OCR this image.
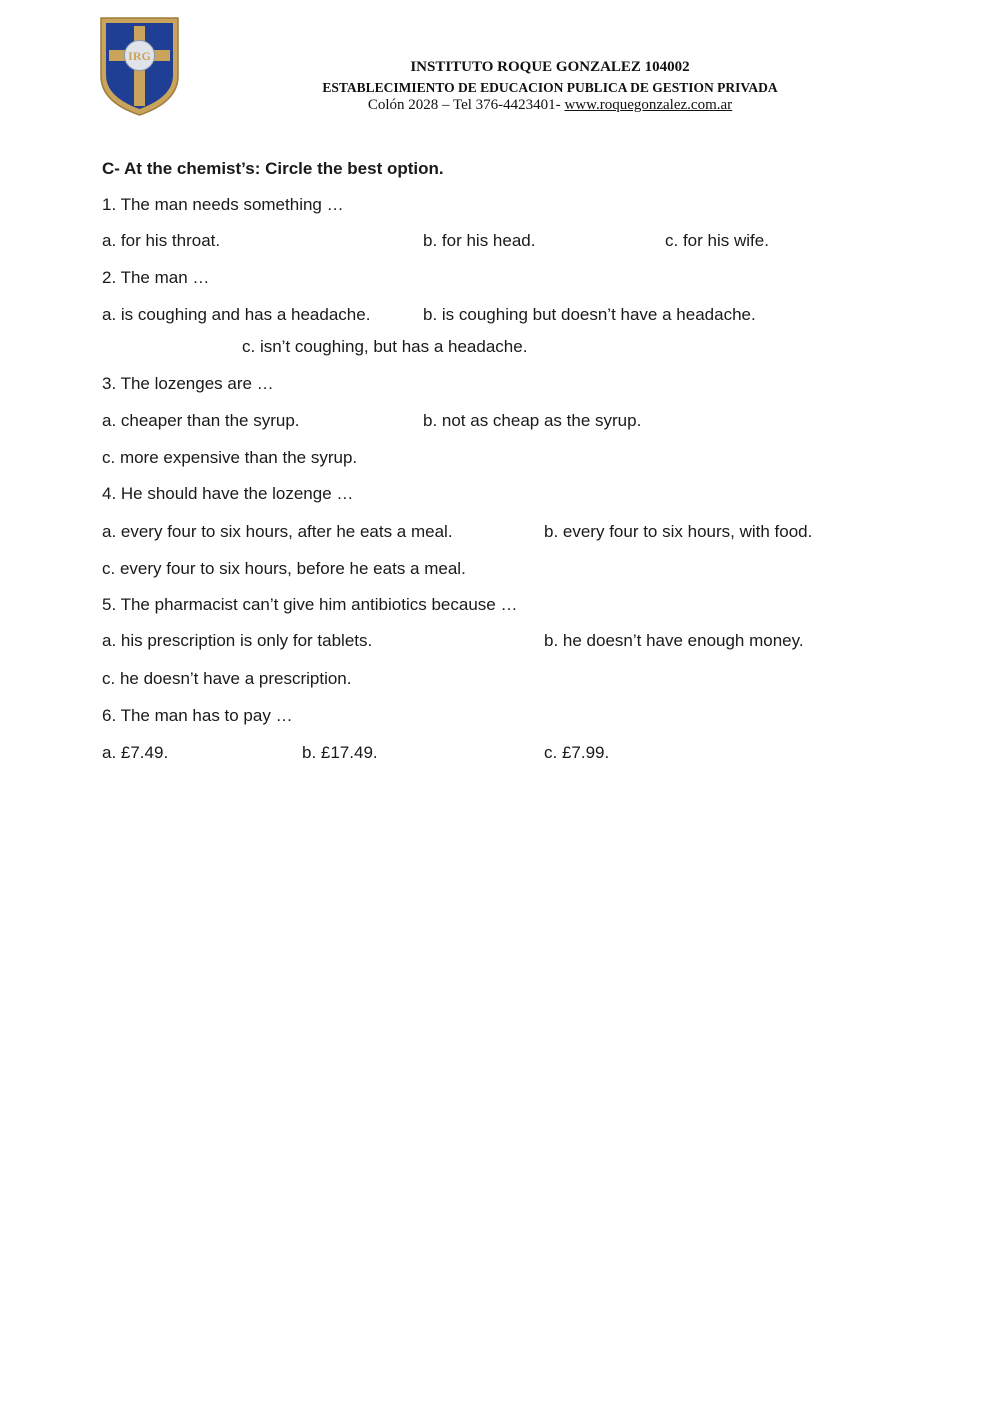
IRG
INSTITUTO ROQUE GONZALEZ 104002
ESTABLECIMIENTO DE EDUCACION PUBLICA DE GESTION PRIVADA
Colón 2028 – Tel 376-4423401- www.roquegonzalez.com.ar
C- At the chemist’s: Circle the best option.
1. The man needs something …
a. for his throat.	b. for his head.	c. for his wife.
2. The man …
a. is coughing and has a headache.	b. is coughing but doesn’t have a headache.
c. isn’t coughing, but has a headache.
3. The lozenges are …
a. cheaper than the syrup.	b. not as cheap as the syrup.
c. more expensive than the syrup.
4. He should have the lozenge …
a. every four to six hours, after he eats a meal.	b. every four to six hours, with food.
c. every four to six hours, before he eats a meal.
5. The pharmacist can’t give him antibiotics because …
a. his prescription is only for tablets.	b. he doesn’t have enough money.
c. he doesn’t have a prescription.
6. The man has to pay …
a. £7.49.	b. £17.49.	c. £7.99.
